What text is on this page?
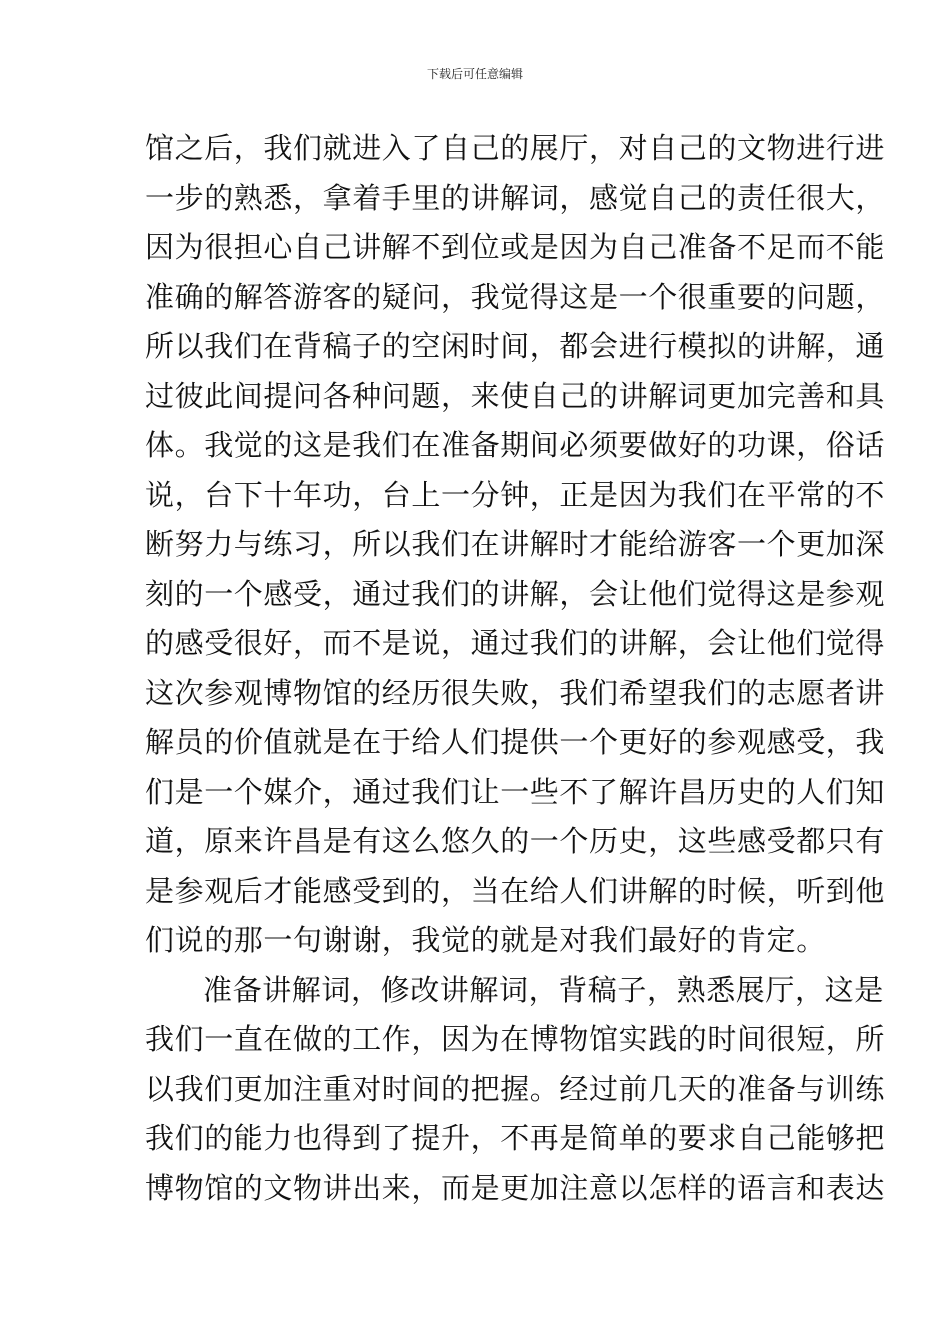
下载后可任意编辑
馆之后，我们就进入了自己的展厅，对自己的文物进行进
一步的熟悉，拿着手里的讲解词，感觉自己的责任很大，
因为很担心自己讲解不到位或是因为自己准备不足而不能
准确的解答游客的疑问，我觉得这是一个很重要的问题，
所以我们在背稿子的空闲时间，都会进行模拟的讲解，通
过彼此间提问各种问题，来使自己的讲解词更加完善和具
体。我觉的这是我们在准备期间必须要做好的功课，俗话
说，台下十年功，台上一分钟，正是因为我们在平常的不
断努力与练习，所以我们在讲解时才能给游客一个更加深
刻的一个感受，通过我们的讲解，会让他们觉得这是参观
的感受很好，而不是说，通过我们的讲解，会让他们觉得
这次参观博物馆的经历很失败，我们希望我们的志愿者讲
解员的价值就是在于给人们提供一个更好的参观感受，我
们是一个媒介，通过我们让一些不了解许昌历史的人们知
道，原来许昌是有这么悠久的一个历史，这些感受都只有
是参观后才能感受到的，当在给人们讲解的时候，听到他
们说的那一句谢谢，我觉的就是对我们最好的肯定。
准备讲解词，修改讲解词，背稿子，熟悉展厅，这是
我们一直在做的工作，因为在博物馆实践的时间很短，所
以我们更加注重对时间的把握。经过前几天的准备与训练
我们的能力也得到了提升，不再是简单的要求自己能够把
博物馆的文物讲出来，而是更加注意以怎样的语言和表达
